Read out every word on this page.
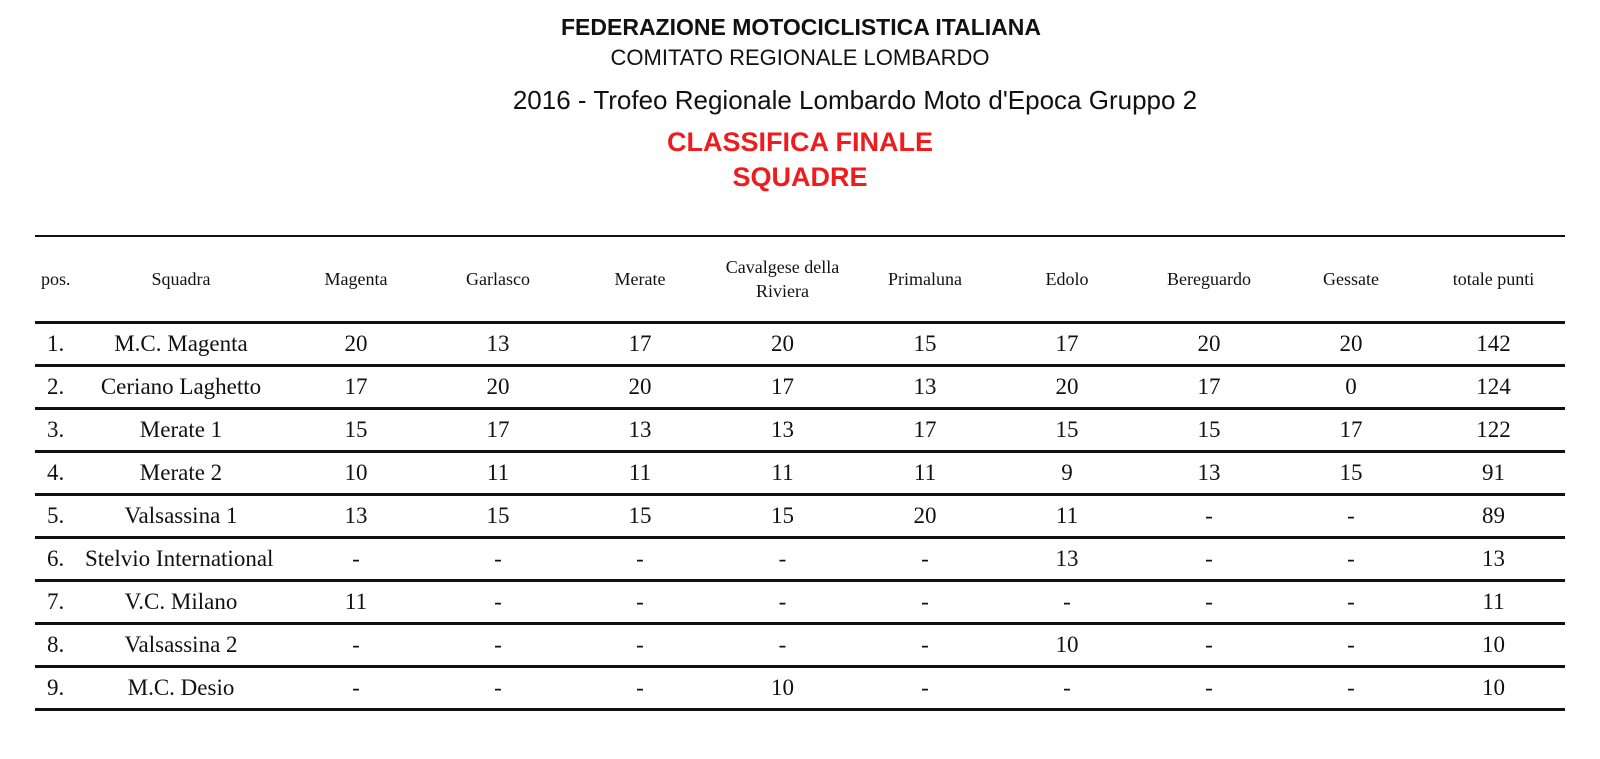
FEDERAZIONE MOTOCICLISTICA ITALIANA
COMITATO REGIONALE LOMBARDO
2016 - Trofeo Regionale Lombardo Moto d'Epoca Gruppo 2
CLASSIFICA FINALE
SQUADRE
pos.	Squadra	Magenta	Garlasco	Merate	Cavalgese della Riviera	Primaluna	Edolo	Bereguardo	Gessate	totale punti
1.	M.C. Magenta	20	13	17	20	15	17	20	20	142
2.	Ceriano Laghetto	17	20	20	17	13	20	17	0	124
3.	Merate 1	15	17	13	13	17	15	15	17	122
4.	Merate 2	10	11	11	11	11	9	13	15	91
5.	Valsassina 1	13	15	15	15	20	11	-	-	89
6.	Stelvio International	-	-	-	-	-	13	-	-	13
7.	V.C. Milano	11	-	-	-	-	-	-	-	11
8.	Valsassina 2	-	-	-	-	-	10	-	-	10
9.	M.C. Desio	-	-	-	10	-	-	-	-	10
